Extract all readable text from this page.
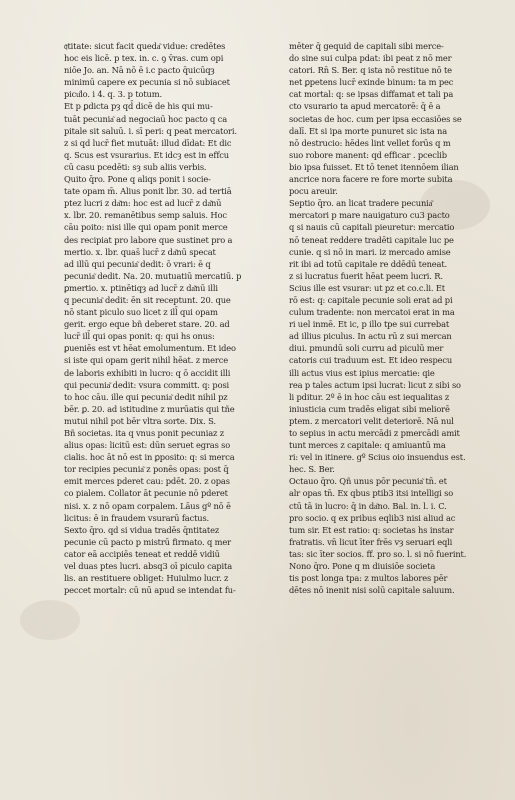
𝔮titate: sicut facit queda͂ vidue: credētes
hoc eis licē. p tex. in. c. ꝯ v̄ras. cum opi
niōe Jo. an. Nā nō ē i.c pacto q̄uicūqȝ
minimū capere ex pecunia si nō subiacet
picu͂lo. i 4. q. 3. p totum.
Et p ꝑdicta pȝ qd̄ dicē de his qui mu-
tuāt pecunia͂ ad negociaū hoc pacto q ca
pitale sit saluū. i. sī peri: q peat mercatori.
z si qd lucr̄ fiet mutuāt: illud dīdat: Et dic
q. Scus est vsurarius. Et idcȝ est in effcu
cū casu pcedēti: sȝ sub aliis verbis.
Quito q̄ro. Pone q aliqs ponit i socie-
tate opam m̄. Alius ponit lbr. 30. ad tertiā
ptez lucri z da͂m: hoc est ad lucr̄ z da͂nū
x. lbr. 20. remanētibus semp saluis. Hoc
cāu poito: nisi ille qui opam ponit merce
des recipiat pro labore que sustinet pro a
mertio. x. lbr. quas̄ lucr̄ z da͂nū specat
ad illū qui pecunia͂ dedit: ō vrari: ē q
pecunia͂ dedit. Na. 20. mutuatiū mercatiū. p
ꝑmertio. x. ptinētiqȝ ad lucr̄ z da͂nū illi
q pecunia͂ dedit: ēn sit receptunt. 20. que
nō stant piculo suo licet z ill̄ qui opam
gerit. ergo eque bñ deberet stare. 20. ad
lucr̄ ill̄ qui opas ponit: q: qui hs onus:
ꝑueniēs est vt hēat emolumentum. Et ideo
si iste qui opam gerit nihil hēat. z merce
de laboris exhibiti in lucro: q ō accidit illi
qui pecunia͂ dedit: vsura committ. q: posi
to hoc cāu. ille qui pecunia͂ dedit nihil pz
bēr. ꝑ. 20. ad istitudine z murūatis qui tñe
mutui nihil pot bēr vltra sorte. Dix. S.
Bñ societas. ita q vnus ponit pecuniaz z
alius opas: licitū est: dūn seruet egras so
cialis. hoc āt nō est in ꝑposito: q: si merca
tor recipies pecunia͂ z ponēs opas: post q̄
emit merces pderet cau: pdēt. 20. z opas
co pialem. Collator āt pecunie nō pderet
nisi. x. z nō opam corpalem. Lāus gº nō ē
licitus: ē in fraudem vsurarū factus.
Sexto q̄ro. qd si vidua tradēs q̄ntitatez
pecunie cū pacto p mistrū firmato. q mer
cator eā accipiēs teneat et reddē vidiū
vel duas ptes lucri. absq3 oī piculo capita
lis. an restituere obliget: Huiulmo lucr. z
peccet mortalr: cū nū apud se intendat fu-
mēter q̄ gequid de capitali sibi merce-
do sine sui culpa pdat: ibi peat z nō mer
catori. Rn̄ S. Ber. q ista nō restitue nō te
net ꝑpetens lucr̄ exinde binum: ta m pec
cat mortal: q: se ipsas diffamat et tali pa
cto vsurario ta apud mercatorē: q̄ ē a
societas de hoc. cum per ipsa eccasiōes se
dalī. Et si ipa morte punuret sic ista na
nō destrucio: hēdes lint vellet forūs q m
suo robore manent: qd efficar . pceclib
bio ipsa fuisset. Et tō tenet itennōem ilian
ancrice nora facere re fore morte subita
pocu areuir.
Septio q̄ro. an licat tradere pecunia͂
mercatori p mare nauigaturo cu3 pacto
q si nauis cū capitali pieuretur: mercatio
nō teneat reddere tradēti capitale luc pe
cunie. q si nō in mari. iz mercado amise
rit ibi ad totū capitale re ddēdū teneat.
z si lucratus fuerit hēat peem lucri. R.
Scius ille est vsurar: ut pz et co.c.li. Et
rō est: q: capitale pecunie soli erat ad pi
culum tradente: non mercatoi erat in ma
ri uel inmē. Et ic, p illo tpe sui currebat
ad illius piculus. In actu rū z sui mercan
diui. pmundū soli curru ad piculū mer
catoris cui traduum est. Et ideo respecu
illi actus vius est ipius mercatie: qie
rea p tales actum ipsi lucrat: licut z sibi so
li pditur. 2º ē in hoc cāu est iequalitas z
iniusticia cum tradēs eligat sibi meliorē
ptem. z mercatori velit deteriorē. Nā nul
to sepius in actu mercādi z pmercādi amit
tunt merces z capitale: q amiuantū ma
ri: vel in itinere. gº Scius oio insuendus est.
hec. S. Ber.
Octauo q̄ro. Qñ unus pōr pecunia͂ tn̄. et
alr opas tn̄. Ex qbus ptib3 itsi intelligi so
ctū tā in lucro: q̄ in da͂no. Bal. in. l. i. C.
pro socio. q ex pribus eqlib3 nisi aliud ac
tum sir. Et est ratio: q: societas hs instar
fratratis. vn̄ licut īter frēs vȝ seruari eqli
tas: sic īter socios. ff. pro so. l. si nō fuerint.
Nono q̄ro. Pone q m diuisiōe societa
tis post longa tpa: z multos labores pēr
dētes nō inenit nisi solū capitale saluum.
